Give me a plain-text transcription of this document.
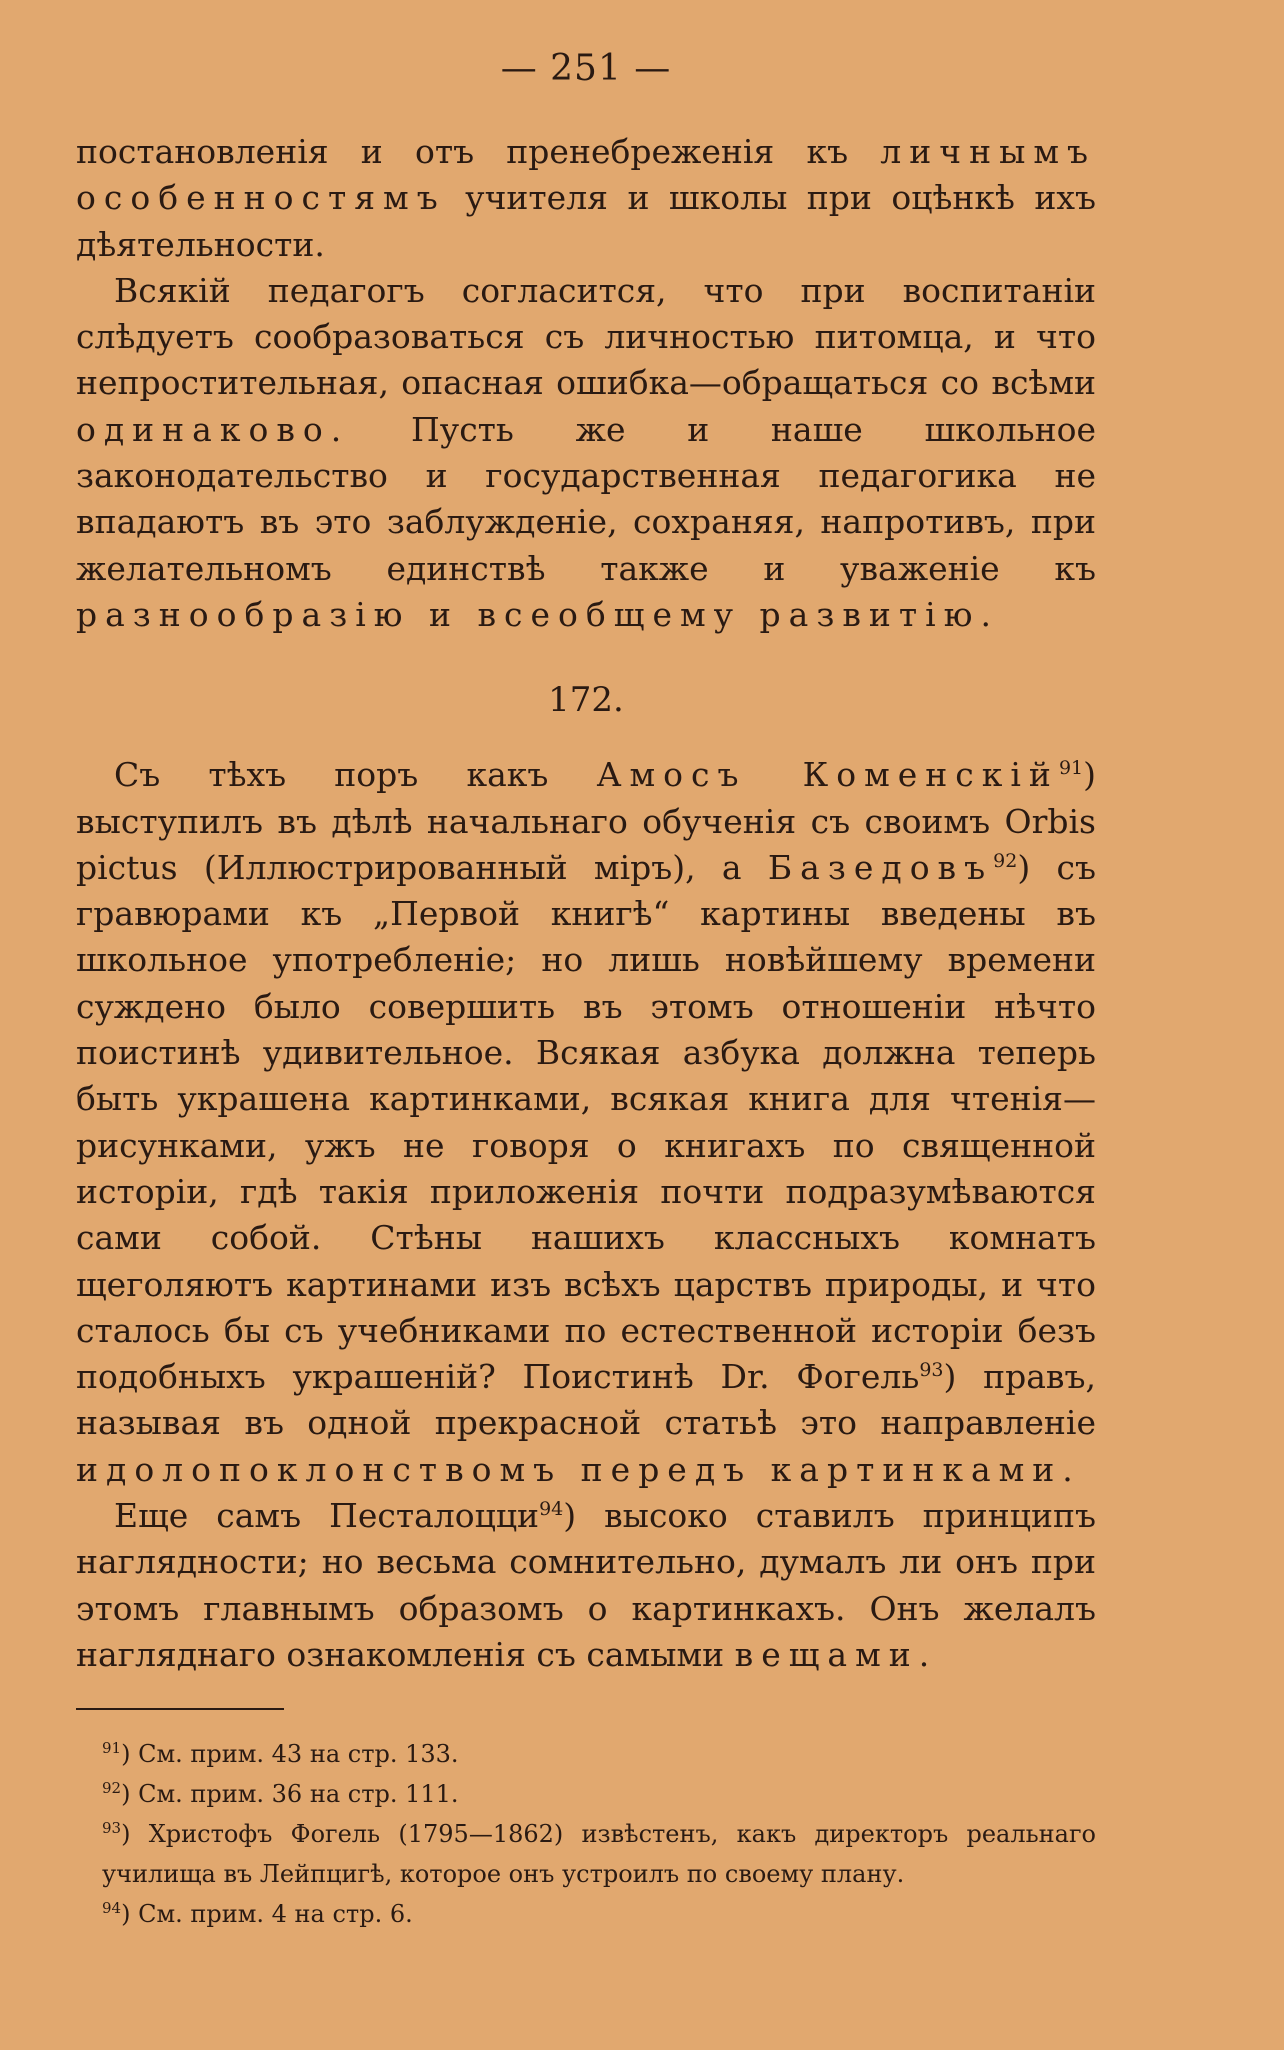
— 251 —

постановленія и отъ пренебреженія къ личнымъ особенностямъ учителя и школы при оцѣнкѣ ихъ дѣятельности.

Всякій педагогъ согласится, что при воспитаніи слѣдуетъ сообразоваться съ личностью питомца, и что непростительная, опасная ошибка—обращаться со всѣми одинаково. Пусть же и наше школьное законодательство и государственная педагогика не впадаютъ въ это заблужденіе, сохраняя, напротивъ, при желательномъ единствѣ также и уваженіе къ разнообразію и всеобщему развитію.

172.

Съ тѣхъ поръ какъ Амосъ Коменскій$^{91}$) выступилъ въ дѣлѣ начальнаго обученія съ своимъ Orbis pictus (Иллюстрированный міръ), а Базедовъ$^{92}$) съ гравюрами къ „Первой книгѣ“ картины введены въ школьное употребленіе; но лишь новѣйшему времени суждено было совершить въ этомъ отношеніи нѣчто поистинѣ удивительное. Всякая азбука должна теперь быть украшена картинками, всякая книга для чтенія—рисунками, ужъ не говоря о книгахъ по священной исторіи, гдѣ такія приложенія почти подразумѣваются сами собой. Стѣны нашихъ классныхъ комнатъ щеголяютъ картинами изъ всѣхъ царствъ природы, и что сталось бы съ учебниками по естественной исторіи безъ подобныхъ украшеній? Поистинѣ Dr. Фогель$^{93}$) правъ, называя въ одной прекрасной статьѣ это направленіе идолопоклонствомъ передъ картинками.

Еще самъ Песталоцци$^{94}$) высоко ставилъ принципъ наглядности; но весьма сомнительно, думалъ ли онъ при этомъ главнымъ образомъ о картинкахъ. Онъ желалъ нагляднаго ознакомленія съ самыми вещами.

$^{91}$) См. прим. 43 на стр. 133.

$^{92}$) См. прим. 36 на стр. 111.

$^{93}$) Христофъ Фогель (1795—1862) извѣстенъ, какъ директоръ реальнаго училища въ Лейпцигѣ, которое онъ устроилъ по своему плану.

$^{94}$) См. прим. 4 на стр. 6.
